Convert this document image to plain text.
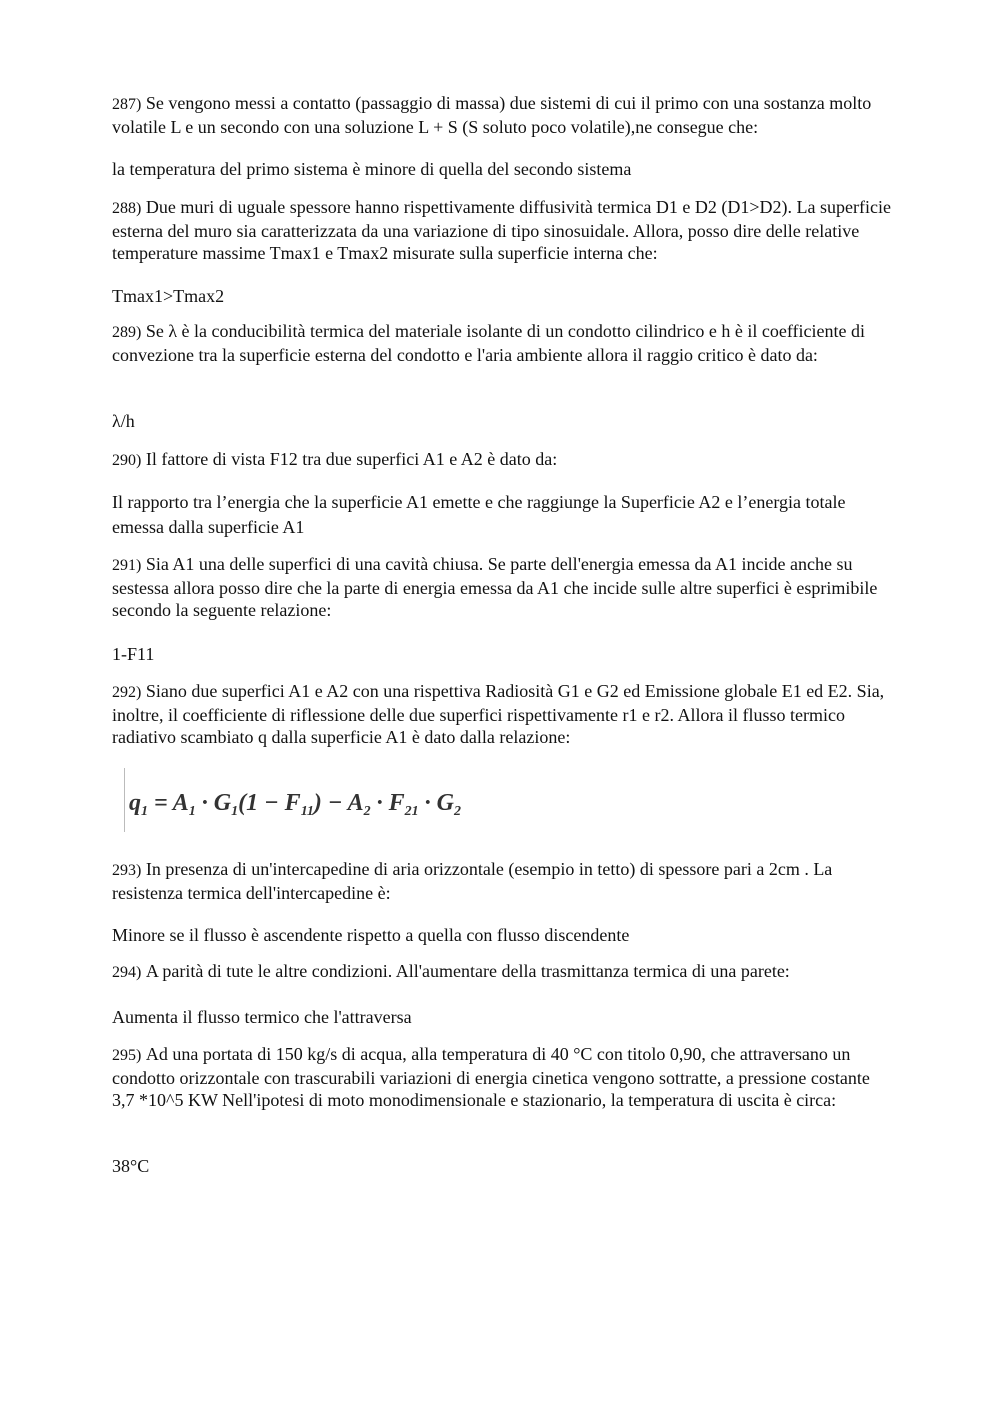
287) Se vengono messi a contatto (passaggio di massa) due sistemi di cui il primo con una sostanza molto volatile L e un secondo con una soluzione L + S (S soluto poco volatile),ne consegue che:
la temperatura del primo sistema è minore di quella del secondo sistema
288) Due muri di uguale spessore hanno rispettivamente diffusività termica D1 e D2 (D1>D2). La superficie esterna del muro sia caratterizzata da una variazione di tipo sinosuidale. Allora, posso dire delle relative temperature massime Tmax1 e Tmax2 misurate sulla superficie interna che:
Tmax1>Tmax2
289) Se λ è la conducibilità termica del materiale isolante di un condotto cilindrico e h è il coefficiente di convezione tra la superficie esterna del condotto e l'aria ambiente allora il raggio critico è dato da:
λ/h
290) Il fattore di vista F12 tra due superfici A1 e A2 è dato da:
Il rapporto tra l’energia che la superficie A1 emette e che raggiunge la Superficie A2 e l’energia totale emessa dalla superficie A1
291) Sia A1 una delle superfici di una cavità chiusa. Se parte dell'energia emessa da A1 incide anche su sestessa allora posso dire che la parte di energia emessa da A1 che incide sulle altre superfici è esprimibile secondo la seguente relazione:
1-F11
292) Siano due superfici A1 e A2 con una rispettiva Radiosità G1 e G2 ed Emissione globale E1 ed E2. Sia, inoltre, il coefficiente di riflessione delle due superfici rispettivamente r1 e r2. Allora il flusso termico radiativo scambiato q dalla superficie A1 è dato dalla relazione:
$q_1 = A_1 \cdot G_1(1 - F_{11}) - A_2 \cdot F_{21} \cdot G_2$
293) In presenza di un'intercapedine di aria orizzontale (esempio in tetto) di spessore pari a 2cm . La resistenza termica dell'intercapedine è:
Minore se il flusso è ascendente rispetto a quella con flusso discendente
294) A parità di tute le altre condizioni. All'aumentare della trasmittanza termica di una parete:
Aumenta il flusso termico che l'attraversa
295) Ad una portata di 150 kg/s di acqua, alla temperatura di 40 °C con titolo 0,90, che attraversano un condotto orizzontale con trascurabili variazioni di energia cinetica vengono sottratte, a pressione costante 3,7 *10^5 KW Nell'ipotesi di moto monodimensionale e stazionario, la temperatura di uscita è circa:
38°C
